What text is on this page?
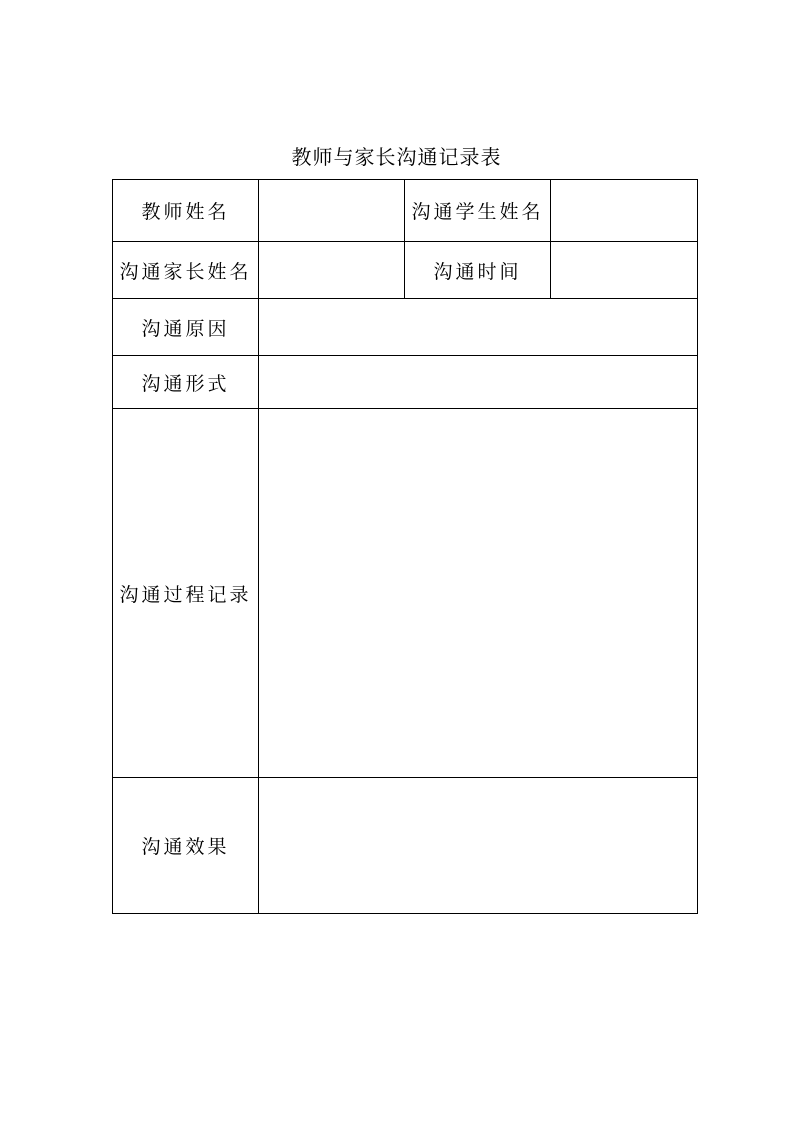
教师与家长沟通记录表
教师姓名		沟通学生姓名	
沟通家长姓名		沟通时间	
沟通原因			
沟通形式			
沟通过程记录			
沟通效果			
